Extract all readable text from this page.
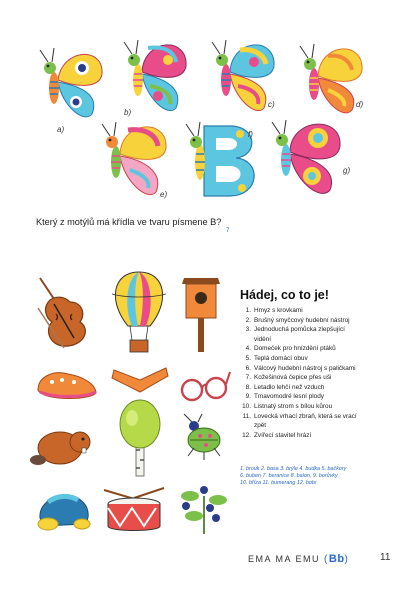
a)
b)
c)	d)
e)
f)
g)
Který z motýlů má křídla ve tvaru písmene B?
7
Hádej, co to je!
1. Hmyz s krovkami
2. Brušný smyčcový hudební nástroj
3. Jednoduchá pomůcka zlepšující
vidění
4. Domeček pro hnízdění ptáků
5. Teplá domácí obuv
6. Válcový hudební nástroj s paličkami
7. Kožešinová čepice přes uši
8. Letadlo lehčí než vzduch
9. Tmavomodré lesní plody
10. Listnatý strom s bílou kůrou
11. Lovecká vrhací zbraň, která se vrací
zpět
12. Zvířecí stavitel hrází
1. brouk 2. basa 3. brýle 4. budka 5. bačkory
6. buben 7. beranice 8. balon, 9. borůvky
10. bříza 11. bumerang 12. bobr
EMA MA EMU (Bb)	11
